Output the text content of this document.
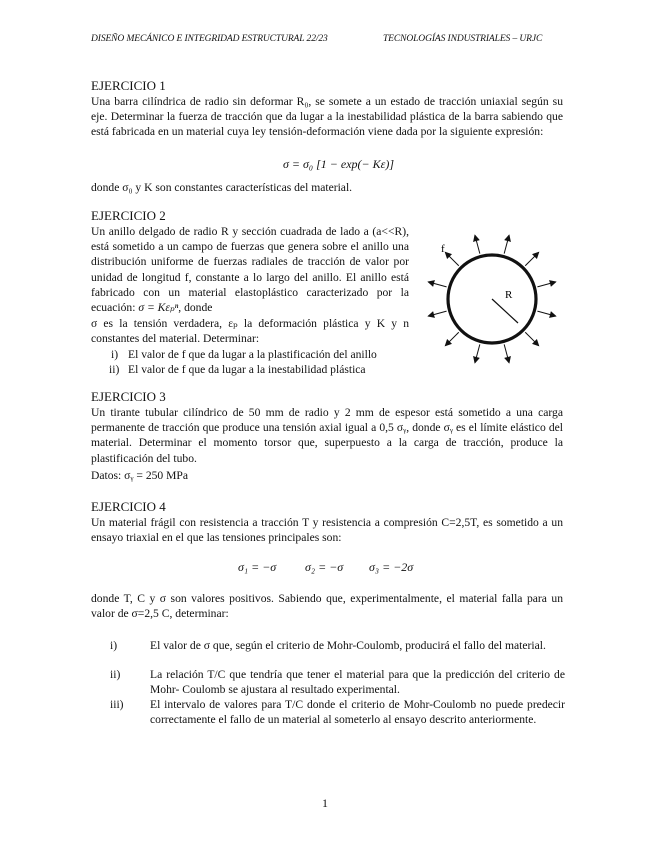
DISEÑO MECÁNICO E INTEGRIDAD ESTRUCTURAL 22/23	TECNOLOGÍAS INDUSTRIALES – URJC
EJERCICIO 1
Una barra cilíndrica de radio sin deformar R₀, se somete a un estado de tracción uniaxial según su eje. Determinar la fuerza de tracción que da lugar a la inestabilidad plástica de la barra sabiendo que está fabricada en un material cuya ley tensión-deformación viene dada por la siguiente expresión:
σ = σ₀ [1 − exp(− Kε)]
donde σ₀ y K son constantes características del material.
EJERCICIO 2
Un anillo delgado de radio R y sección cuadrada de lado a (a<<R), está sometido a un campo de fuerzas que genera sobre el anillo una distribución uniforme de fuerzas radiales de tracción de valor por unidad de longitud f, constante a lo largo del anillo. El anillo está fabricado con un material elastoplástico caracterizado por la ecuación: σ = Kεₚⁿ, donde
σ es la tensión verdadera, εₚ la deformación plástica y K y n constantes del material. Determinar:
i) El valor de f que da lugar a la plastificación del anillo
ii) El valor de f que da lugar a la inestabilidad plástica
f
R
EJERCICIO 3
Un tirante tubular cilíndrico de 50 mm de radio y 2 mm de espesor está sometido a una carga permanente de tracción que produce una tensión axial igual a 0,5 σᵧ, donde σᵧ es el límite elástico del material. Determinar el momento torsor que, superpuesto a la carga de tracción, produce la plastificación del tubo.
Datos: σᵧ = 250 MPa
EJERCICIO 4
Un material frágil con resistencia a tracción T y resistencia a compresión C=2,5T, es sometido a un ensayo triaxial en el que las tensiones principales son:
σ₁ = −σ σ₂ = −σ σ₃ = −2σ
donde T, C y σ son valores positivos. Sabiendo que, experimentalmente, el material falla para un valor de σ=2,5 C, determinar:
i)	El valor de σ que, según el criterio de Mohr-Coulomb, producirá el fallo del material.
ii)	La relación T/C que tendría que tener el material para que la predicción del criterio de Mohr- Coulomb se ajustara al resultado experimental.
iii) El intervalo de valores para T/C donde el criterio de Mohr-Coulomb no puede predecir correctamente el fallo de un material al someterlo al ensayo descrito anteriormente.
1
